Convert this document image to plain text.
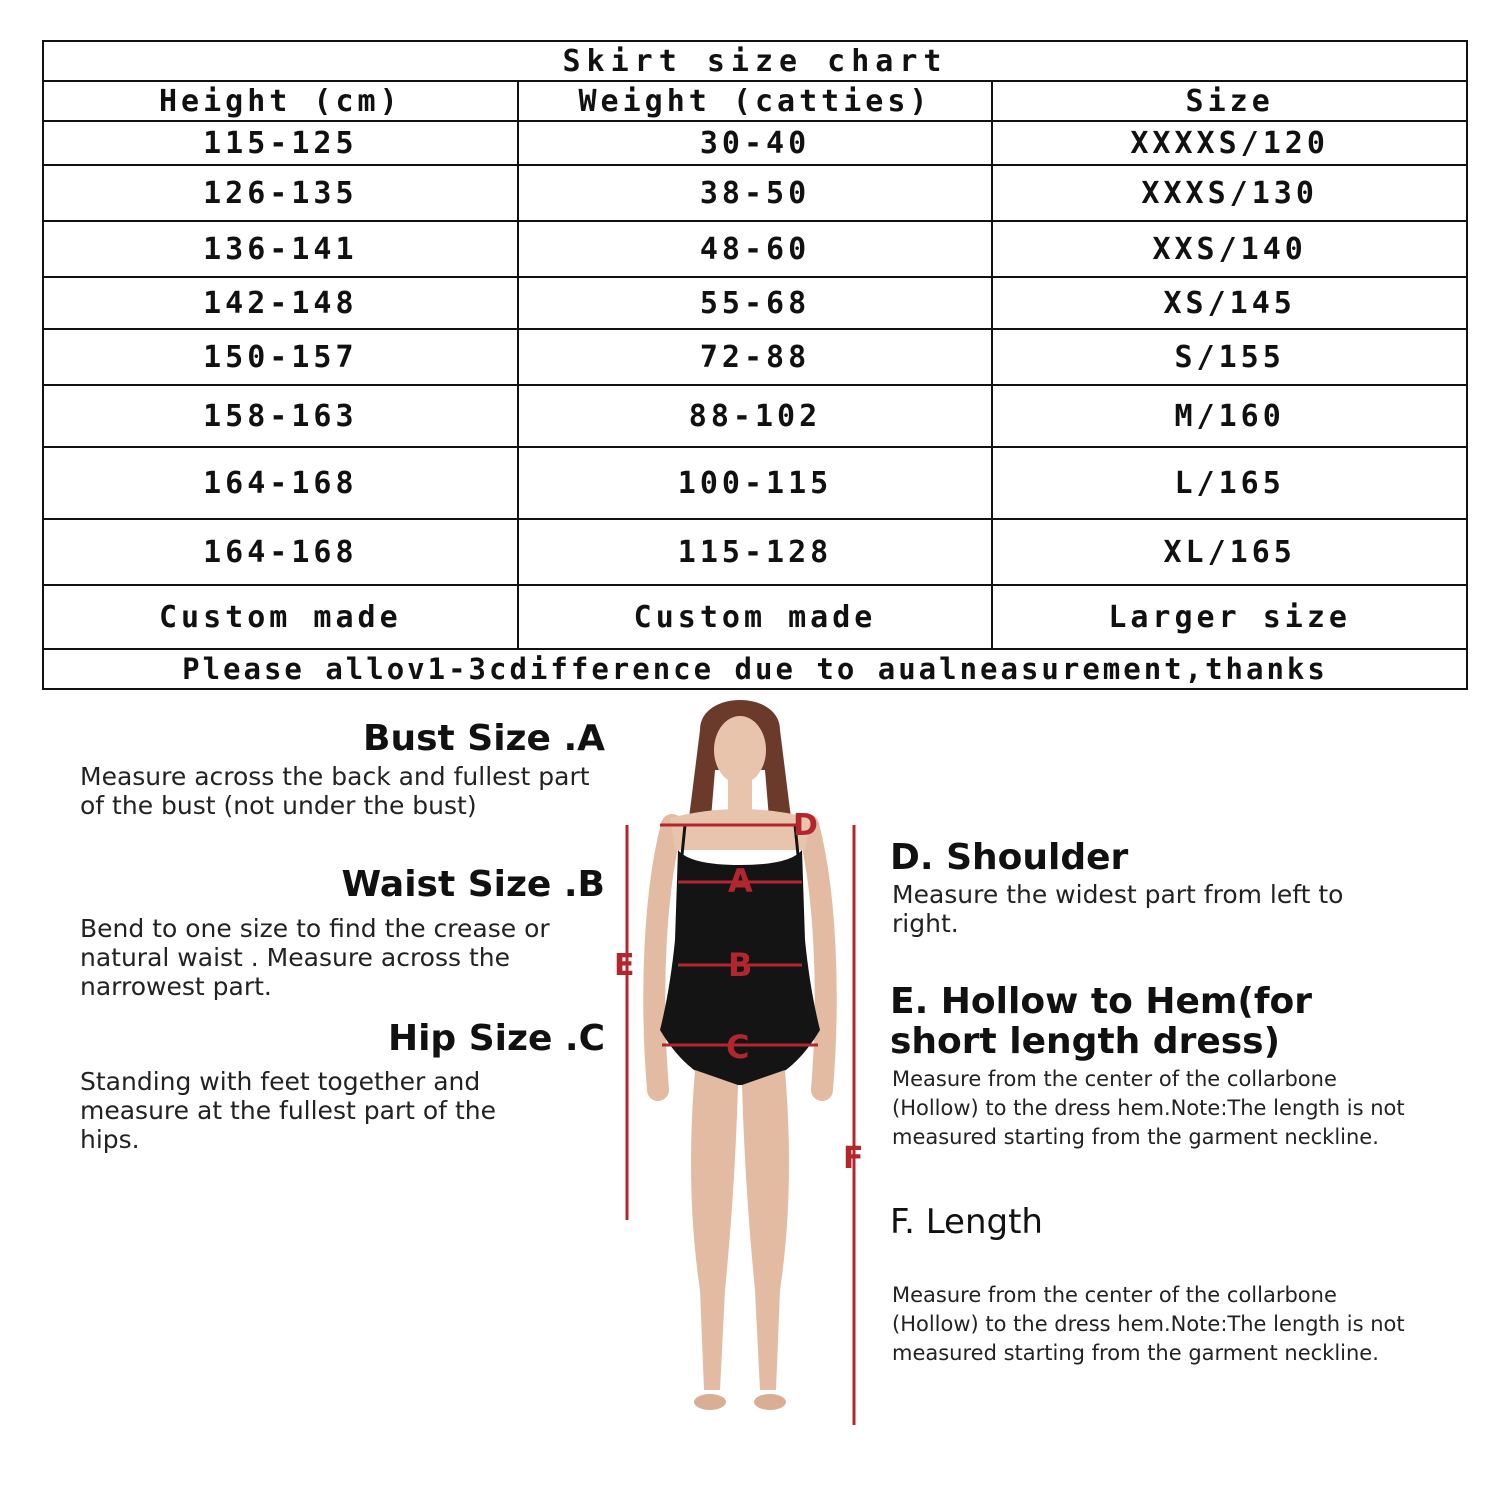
Skirt size chart		
Height (cm)	Weight (catties)	Size
115-125	30-40	XXXXS/120
126-135	38-50	XXXS/130
136-141	48-60	XXS/140
142-148	55-68	XS/145
150-157	72-88	S/155
158-163	88-102	M/160
164-168	100-115	L/165
164-168	115-128	XL/165
Custom made	Custom made	Larger size
Please allov1-3cdifference due to aualneasurement,thanks		
Bust Size .A
Measure across the back and fullest part of the bust (not under the bust)
Waist Size .B
Bend to one size to find the crease or natural waist . Measure across the narrowest part.
Hip Size .C
Standing with feet together and measure at the fullest part of the hips.
D. Shoulder
Measure the widest part from left to right.
E. Hollow to Hem(for
short length dress)
Measure from the center of the collarbone (Hollow) to the dress hem.Note:The length is not measured starting from the garment neckline.
F. Length
Measure from the center of the collarbone (Hollow) to the dress hem.Note:The length is not measured starting from the garment neckline.
D
A
B
C
E
F
